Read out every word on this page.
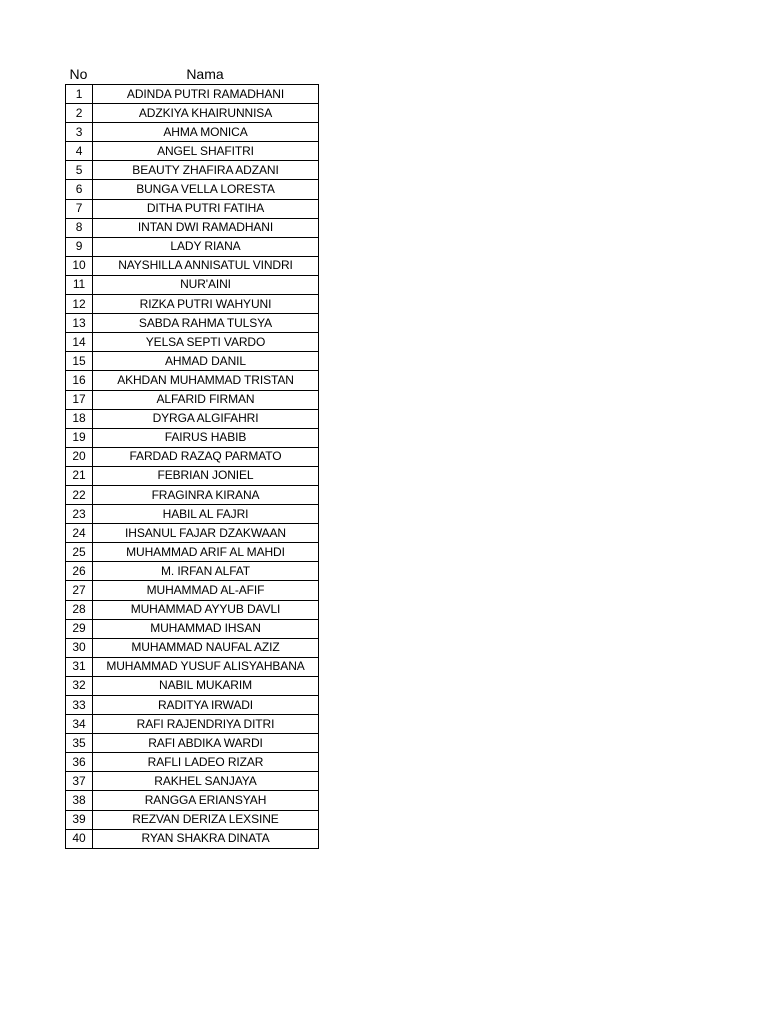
No	Nama
1	ADINDA PUTRI RAMADHANI
2	ADZKIYA KHAIRUNNISA
3	AHMA MONICA
4	ANGEL SHAFITRI
5	BEAUTY ZHAFIRA ADZANI
6	BUNGA VELLA LORESTA
7	DITHA PUTRI FATIHA
8	INTAN DWI RAMADHANI
9	LADY RIANA
10	NAYSHILLA ANNISATUL VINDRI
11	NUR'AINI
12	RIZKA PUTRI WAHYUNI
13	SABDA RAHMA TULSYA
14	YELSA SEPTI VARDO
15	AHMAD DANIL
16	AKHDAN MUHAMMAD TRISTAN
17	ALFARID FIRMAN
18	DYRGA ALGIFAHRI
19	FAIRUS HABIB
20	FARDAD RAZAQ PARMATO
21	FEBRIAN JONIEL
22	FRAGINRA KIRANA
23	HABIL AL FAJRI
24	IHSANUL FAJAR DZAKWAAN
25	MUHAMMAD ARIF AL MAHDI
26	M. IRFAN ALFAT
27	MUHAMMAD AL-AFIF
28	MUHAMMAD AYYUB DAVLI
29	MUHAMMAD IHSAN
30	MUHAMMAD NAUFAL AZIZ
31	MUHAMMAD YUSUF ALISYAHBANA
32	NABIL MUKARIM
33	RADITYA IRWADI
34	RAFI RAJENDRIYA DITRI
35	RAFI ABDIKA WARDI
36	RAFLI LADEO RIZAR
37	RAKHEL SANJAYA
38	RANGGA ERIANSYAH
39	REZVAN DERIZA LEXSINE
40	RYAN SHAKRA DINATA
